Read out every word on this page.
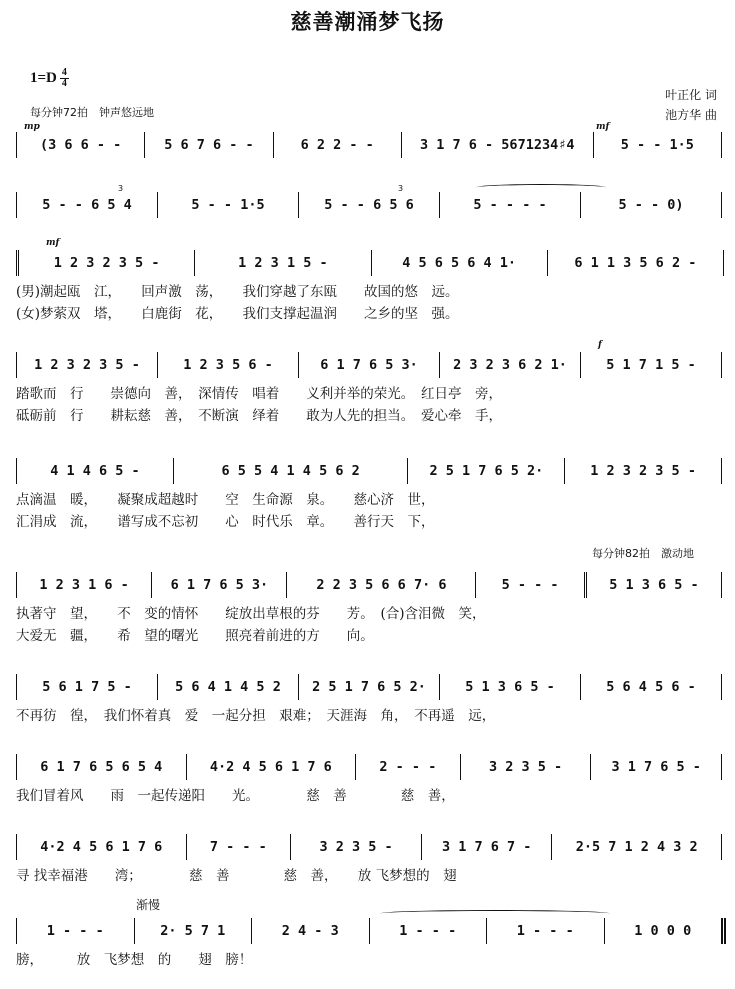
慈善潮涌梦飞扬
$1=D \frac{4}{4}$
每分钟72拍　钟声悠远地
叶正化 词
池方华 曲
mp	mf
(3 6 6 - -	5 6 7 6 - -	6 2 2 - -	3 1 7 6 - 5671234♯4	5 - - 1·5
3	3
5 - - 6 5 4	5 - - 1·5	5 - - 6 5 6	5 - - - -	5 - - 0)
mf
1 2 3 2 3 5 -	1 2 3 1 5 -	4 5 6 5 6 4 1·	6 1 1 3 5 6 2 -
(男)潮起瓯　江，　　回声激　荡，　　我们穿越了东瓯　　故国的悠　远。
(女)梦萦双　塔，　　白鹿街　花，　　我们支撑起温润　　之乡的坚　强。
f
1 2 3 2 3 5 -	1 2 3 5 6 -	6 1 7 6 5 3·	2 3 2 3 6 2 1·	5 1 7 1 5 -
踏歌而　行　　崇德向　善，　深情传　唱着　　义利并举的荣光。　红日亭　旁，
砥砺前　行　　耕耘慈　善，　不断演　绎着　　敢为人先的担当。　爱心牵　手，
4 1 4 6 5 -	6 5 5 4 1 4 5 6 2	2 5 1 7 6 5 2·	1 2 3 2 3 5 -
点滴温　暖，　　凝聚成超越时　　空　生命源　泉。　　慈心济　世，
汇涓成　流，　　谱写成不忘初　　心　时代乐　章。　　善行天　下，
每分钟82拍　激动地
1 2 3 1 6 -	6 1 7 6 5 3·	2 2 3 5 6 6 7· 6	5 - - -	5 1 3 6 5 -
执著守　望，　　不　变的情怀　　绽放出草根的芬　　芳。　(合)含泪微　笑，
大爱无　疆，　　希　望的曙光　　照亮着前进的方　　向。
5 6 1 7 5 -	5 6 4 1 4 5 2	2 5 1 7 6 5 2·	5 1 3 6 5 -	5 6 4 5 6 -
不再彷　徨，　我们怀着真　爱　一起分担　艰难；　天涯海　角，　不再遥　远，
6 1 7 6 5 6 5 4	4·2 4 5 6 1 7 6	2 - - -	3 2 3 5 -	3 1 7 6 5 -
我们冒着风　　雨　一起传递阳　　光。　　　　慈　善　　　　慈　善，
4·2 4 5 6 1 7 6	7 - - -	3 2 3 5 -	3 1 7 6 7 -	2·5 7 1 2 4 3 2
寻 找幸福港　　湾；　　　　慈　善　　　　慈　善，　　放 飞梦想的　翅
渐慢
1 - - -	2· 5 7 1	2 4 - 3	1 - - -	1 - - -	1 0 0 0
膀，　　　放　飞梦想　的　　翅　膀！
